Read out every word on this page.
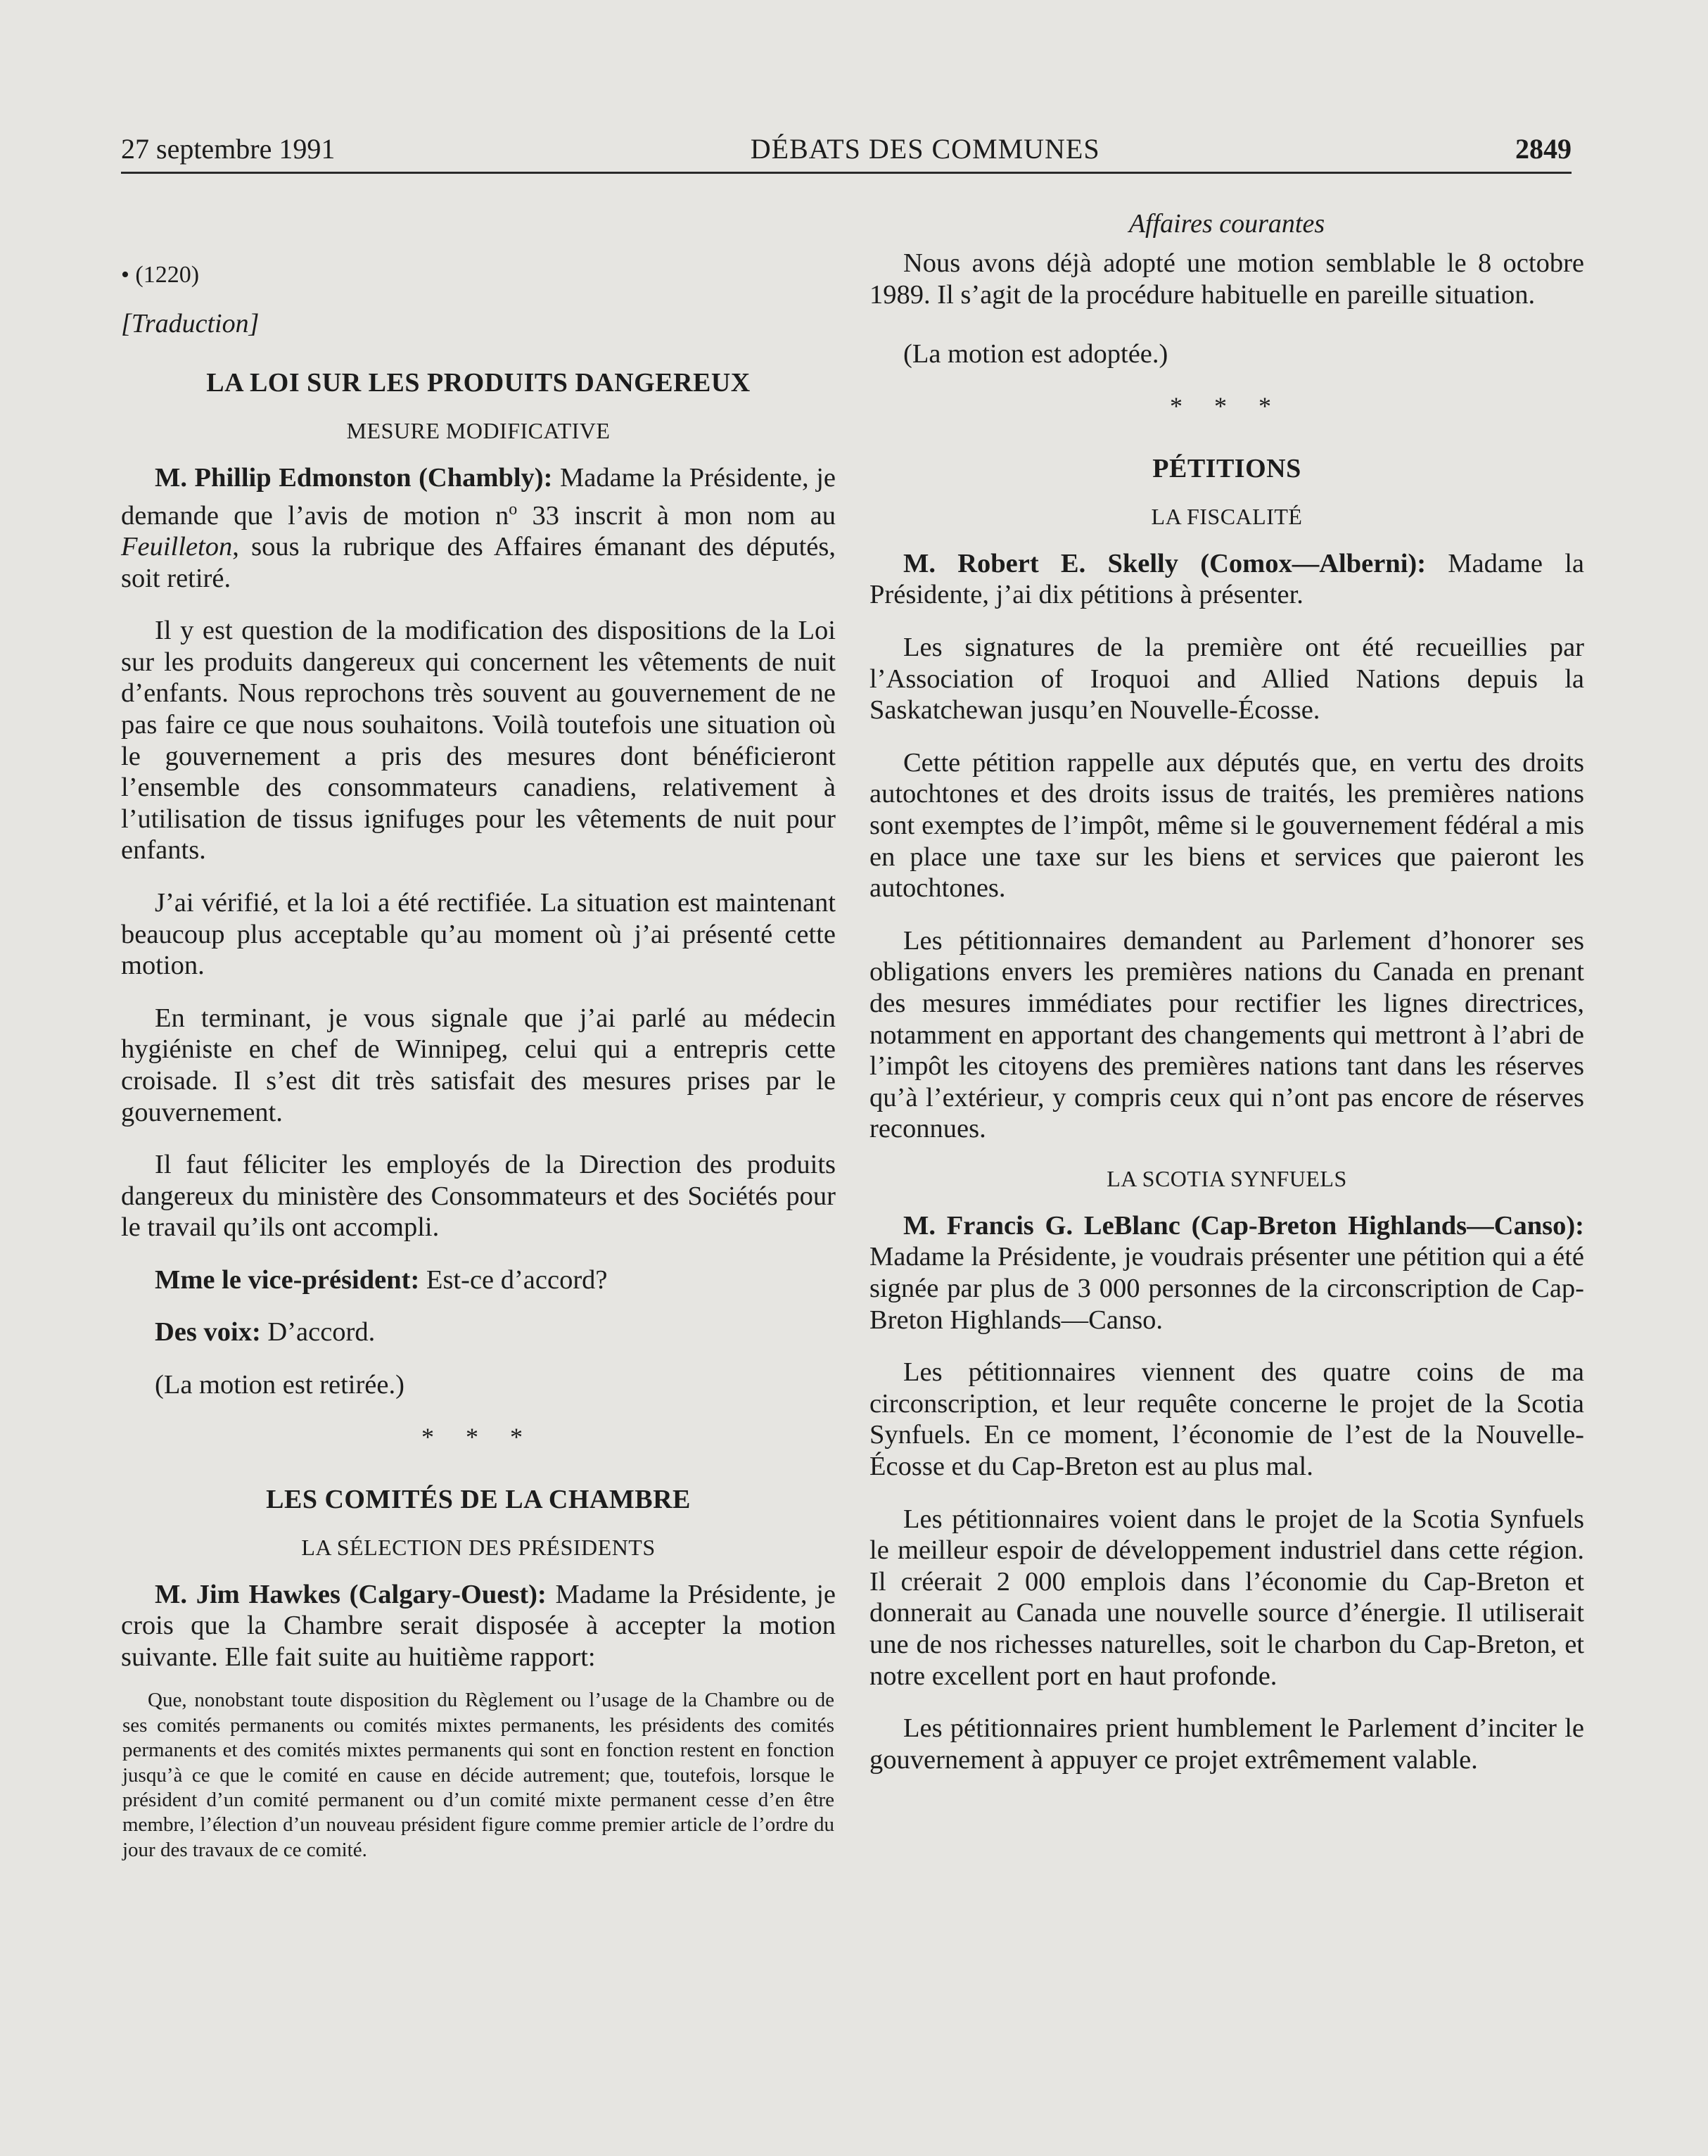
27 septembre 1991	DÉBATS DES COMMUNES	2849
Affaires courantes
• (1220)
[Traduction]
LA LOI SUR LES PRODUITS DANGEREUX
MESURE MODIFICATIVE

M. Phillip Edmonston (Chambly): Madame la Présidente, je demande que l’avis de motion $n^o$ 33 inscrit à mon nom au Feuilleton, sous la rubrique des Affaires émanant des députés, soit retiré.

Il y est question de la modification des dispositions de la Loi sur les produits dangereux qui concernent les vêtements de nuit d’enfants. Nous reprochons très souvent au gouvernement de ne pas faire ce que nous souhaitons. Voilà toutefois une situation où le gouvernement a pris des mesures dont bénéficieront l’ensemble des consommateurs canadiens, relativement à l’utilisation de tissus ignifuges pour les vêtements de nuit pour enfants.

J’ai vérifié, et la loi a été rectifiée. La situation est maintenant beaucoup plus acceptable qu’au moment où j’ai présenté cette motion.

En terminant, je vous signale que j’ai parlé au médecin hygiéniste en chef de Winnipeg, celui qui a entrepris cette croisade. Il s’est dit très satisfait des mesures prises par le gouvernement.

Il faut féliciter les employés de la Direction des produits dangereux du ministère des Consommateurs et des Sociétés pour le travail qu’ils ont accompli.

Mme le vice-président: Est-ce d’accord?

Des voix: D’accord.

(La motion est retirée.)

* * *
LES COMITÉS DE LA CHAMBRE
LA SÉLECTION DES PRÉSIDENTS

M. Jim Hawkes (Calgary-Ouest): Madame la Présidente, je crois que la Chambre serait disposée à accepter la motion suivante. Elle fait suite au huitième rapport:

Que, nonobstant toute disposition du Règlement ou l’usage de la Chambre ou de ses comités permanents ou comités mixtes permanents, les présidents des comités permanents et des comités mixtes permanents qui sont en fonction restent en fonction jusqu’à ce que le comité en cause en décide autrement; que, toutefois, lorsque le président d’un comité permanent ou d’un comité mixte permanent cesse d’en être membre, l’élection d’un nouveau président figure comme premier article de l’ordre du jour des travaux de ce comité.

Nous avons déjà adopté une motion semblable le 8 octobre 1989. Il s’agit de la procédure habituelle en pareille situation.

(La motion est adoptée.)

* * *
PÉTITIONS
LA FISCALITÉ

M. Robert E. Skelly (Comox—Alberni): Madame la Présidente, j’ai dix pétitions à présenter.

Les signatures de la première ont été recueillies par l’Association of Iroquoi and Allied Nations depuis la Saskatchewan jusqu’en Nouvelle-Écosse.

Cette pétition rappelle aux députés que, en vertu des droits autochtones et des droits issus de traités, les premières nations sont exemptes de l’impôt, même si le gouvernement fédéral a mis en place une taxe sur les biens et services que paieront les autochtones.

Les pétitionnaires demandent au Parlement d’honorer ses obligations envers les premières nations du Canada en prenant des mesures immédiates pour rectifier les lignes directrices, notamment en apportant des changements qui mettront à l’abri de l’impôt les citoyens des premières nations tant dans les réserves qu’à l’extérieur, y compris ceux qui n’ont pas encore de réserves reconnues.

LA SCOTIA SYNFUELS

M. Francis G. LeBlanc (Cap-Breton Highlands—Canso): Madame la Présidente, je voudrais présenter une pétition qui a été signée par plus de 3 000 personnes de la circonscription de Cap-Breton Highlands—Canso.

Les pétitionnaires viennent des quatre coins de ma circonscription, et leur requête concerne le projet de la Scotia Synfuels. En ce moment, l’économie de l’est de la Nouvelle-Écosse et du Cap-Breton est au plus mal.

Les pétitionnaires voient dans le projet de la Scotia Synfuels le meilleur espoir de développement industriel dans cette région. Il créerait 2 000 emplois dans l’économie du Cap-Breton et donnerait au Canada une nouvelle source d’énergie. Il utiliserait une de nos richesses naturelles, soit le charbon du Cap-Breton, et notre excellent port en haut profonde.

Les pétitionnaires prient humblement le Parlement d’inciter le gouvernement à appuyer ce projet extrêmement valable.
